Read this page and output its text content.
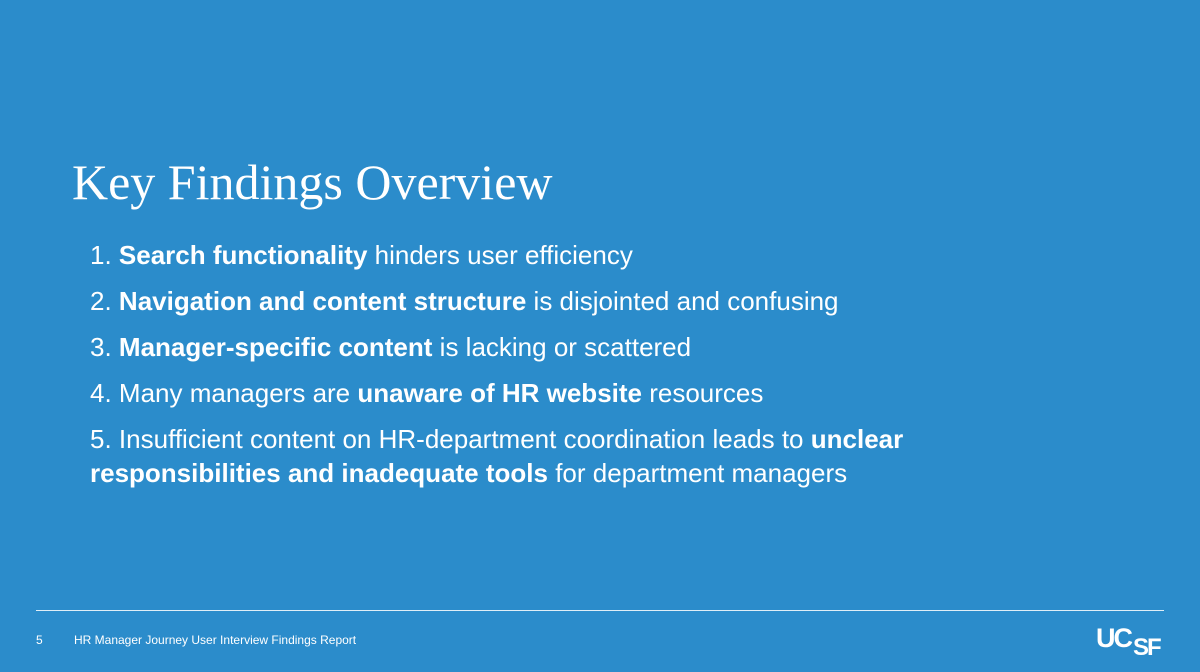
Key Findings Overview
1. Search functionality hinders user efficiency
2. Navigation and content structure is disjointed and confusing
3. Manager-specific content is lacking or scattered
4. Many managers are unaware of HR website resources
5. Insufficient content on HR-department coordination leads to unclear responsibilities and inadequate tools for department managers
5	HR Manager Journey User Interview Findings Report	UC SF
